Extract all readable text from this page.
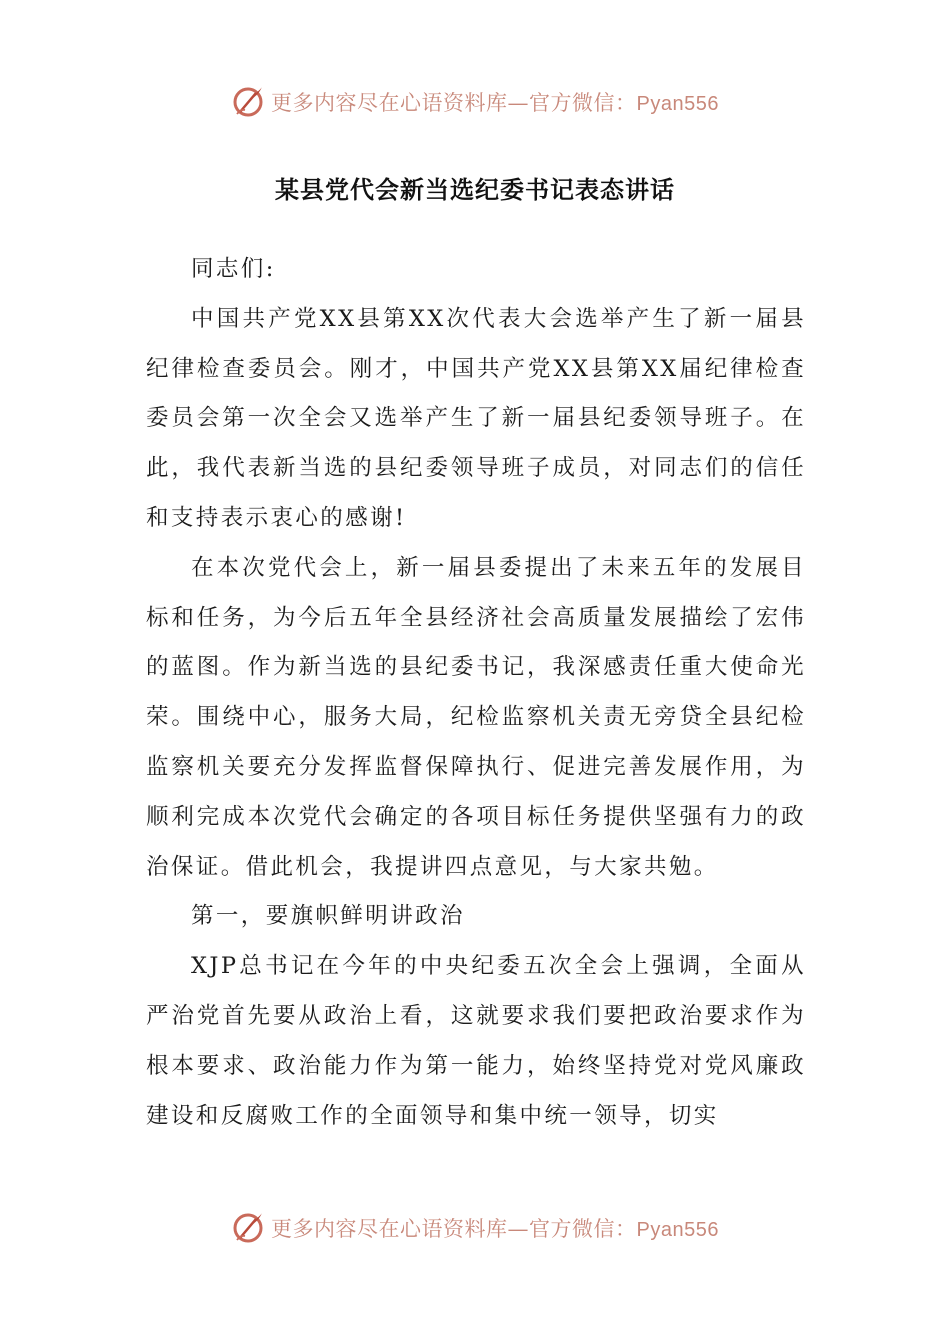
更多内容尽在心语资料库—官方微信：Pyan556
某县党代会新当选纪委书记表态讲话

同志们:

中国共产党XX县第XX次代表大会选举产生了新一届县纪律检查委员会。刚才，中国共产党XX县第XX届纪律检查委员会第一次全会又选举产生了新一届县纪委领导班子。在此，我代表新当选的县纪委领导班子成员，对同志们的信任和支持表示衷心的感谢!

在本次党代会上，新一届县委提出了未来五年的发展目标和任务，为今后五年全县经济社会高质量发展描绘了宏伟的蓝图。作为新当选的县纪委书记，我深感责任重大使命光荣。围绕中心，服务大局，纪检监察机关责无旁贷全县纪检监察机关要充分发挥监督保障执行、促进完善发展作用，为顺利完成本次党代会确定的各项目标任务提供坚强有力的政治保证。借此机会，我提讲四点意见，与大家共勉。

第一，要旗帜鲜明讲政治

XJP总书记在今年的中央纪委五次全会上强调，全面从严治党首先要从政治上看，这就要求我们要把政治要求作为根本要求、政治能力作为第一能力，始终坚持党对党风廉政建设和反腐败工作的全面领导和集中统一领导，切实

更多内容尽在心语资料库—官方微信：Pyan556
